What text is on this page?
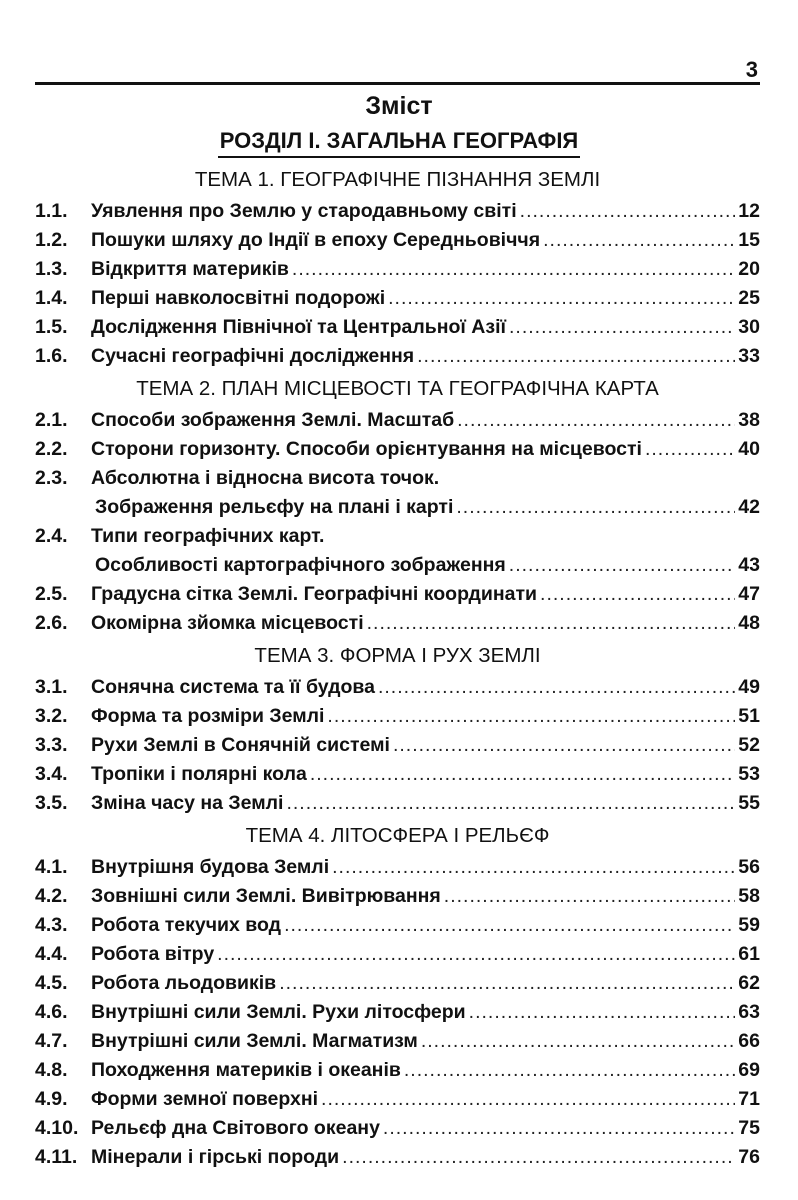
3
Зміст
РОЗДІЛ І. ЗАГАЛЬНА ГЕОГРАФІЯ
ТЕМА 1. ГЕОГРАФІЧНЕ ПІЗНАННЯ ЗЕМЛІ
1.1.	Уявлення про Землю у стародавньому світі .....	12
1.2.	Пошуки шляху до Індії в епоху Середньовіччя .....	15
1.3.	Відкриття материків .....	20
1.4.	Перші навколосвітні подорожі .....	25
1.5.	Дослідження Північної та Центральної Азії .....	30
1.6.	Сучасні географічні дослідження .....	33
ТЕМА 2. ПЛАН МІСЦЕВОСТІ ТА ГЕОГРАФІЧНА КАРТА
2.1.	Способи зображення Землі. Масштаб .....	38
2.2.	Сторони горизонту. Способи орієнтування на місцевості .....	40
2.3.	Абсолютна і відносна висота точок.
Зображення рельєфу на плані і карті .....	42
2.4.	Типи географічних карт.
Особливості картографічного зображення .....	43
2.5.	Градусна сітка Землі. Географічні координати .....	47
2.6.	Окомірна зйомка місцевості .....	48
ТЕМА 3. ФОРМА І РУХ ЗЕМЛІ
3.1.	Сонячна система та її будова .....	49
3.2.	Форма та розміри Землі .....	51
3.3.	Рухи Землі в Сонячній системі .....	52
3.4.	Тропіки і полярні кола .....	53
3.5.	Зміна часу на Землі .....	55
ТЕМА 4. ЛІТОСФЕРА І РЕЛЬЄФ
4.1.	Внутрішня будова Землі .....	56
4.2.	Зовнішні сили Землі. Вивітрювання .....	58
4.3.	Робота текучих вод .....	59
4.4.	Робота вітру .....	61
4.5.	Робота льодовиків .....	62
4.6.	Внутрішні сили Землі. Рухи літосфери .....	63
4.7.	Внутрішні сили Землі. Магматизм .....	66
4.8.	Походження материків і океанів .....	69
4.9.	Форми земної поверхні .....	71
4.10. Рельєф дна Світового океану .....	75
4.11. Мінерали і гірські породи .....	76
